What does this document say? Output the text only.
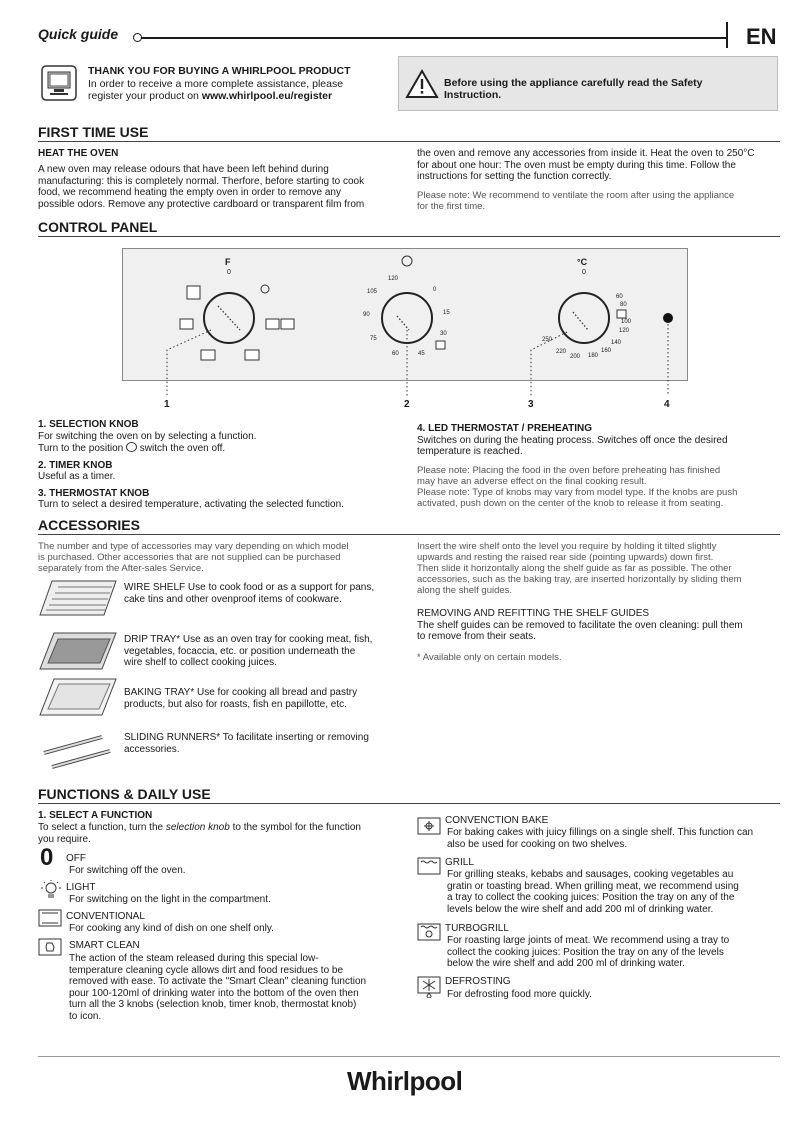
Quick guide	EN
THANK YOU FOR BUYING A WHIRLPOOL PRODUCT
In order to receive a more complete assistance, please
register your product on www.whirlpool.eu/register
Before using the appliance carefully read the Safety
Instruction.
FIRST TIME USE
HEAT THE OVEN
A new oven may release odours that have been left behind during
manufacturing: this is completely normal. Therfore, before starting to cook
food, we recommend heating the empty oven in order to remove any
possible odors. Remove any protective cardboard or transparent film from
the oven and remove any accessories from inside it. Heat the oven to 250°C
for about one hour: The oven must be empty during this time. Follow the
instructions for setting the function correctly.
Please note: We recommend to ventilate the room after using the appliance
for the first time.
CONTROL PANEL
F
0
120
0
105
15
90
30
75
60	45
°C
0
60
80
100
120
140
160
180
200
220
250
1	2	3	4
1. SELECTION KNOB
For switching the oven on by selecting a function.
Turn to the position  switch the oven off.
2. TIMER KNOB
Useful as a timer.
3. THERMOSTAT KNOB
Turn to select a desired temperature, activating the selected function.
4. LED THERMOSTAT / PREHEATING
Switches on during the heating process. Switches off once the desired
temperature is reached.
Please note: Placing the food in the oven before preheating has finished
may have an adverse effect on the final cooking result.
Please note: Type of knobs may vary from model type. If the knobs are push
activated, push down on the center of the knob to release it from seating.
ACCESSORIES
The number and type of accessories may vary depending on which model
is purchased. Other accessories that are not supplied can be purchased
separately from the After-sales Service.
WIRE SHELF Use to cook food or as a support for pans,
cake tins and other ovenproof items of cookware.
DRIP TRAY* Use as an oven tray for cooking meat, fish,
vegetables, focaccia, etc. or position underneath the
wire shelf to collect cooking juices.
BAKING TRAY* Use for cooking all bread and pastry
products, but also for roasts, fish en papillotte, etc.
SLIDING RUNNERS* To facilitate inserting or removing
accessories.
Insert the wire shelf onto the level you require by holding it tilted slightly
upwards and resting the raised rear side (pointing upwards) down first.
Then slide it horizontally along the shelf guide as far as possible. The other
accessories, such as the baking tray, are inserted horizontally by sliding them
along the shelf guides.
REMOVING AND REFITTING THE SHELF GUIDES
The shelf guides can be removed to facilitate the oven cleaning: pull them
to remove from their seats.
* Available only on certain models.
FUNCTIONS & DAILY USE
1. SELECT A FUNCTION
To select a function, turn the selection knob to the symbol for the function
you require.
0 OFF
For switching off the oven.
LIGHT
For switching on the light in the compartment.
CONVENTIONAL
For cooking any kind of dish on one shelf only.
SMART CLEAN
The action of the steam released during this special low-
temperature cleaning cycle allows dirt and food residues to be
removed with ease. To activate the "Smart Clean" cleaning function
pour 100-120ml of drinking water into the bottom of the oven then
turn all the 3 knobs (selection knob, timer knob, thermostat knob)
to icon.
CONVENCTION BAKE
For baking cakes with juicy fillings on a single shelf. This function can
also be used for cooking on two shelves.
GRILL
For grilling steaks, kebabs and sausages, cooking vegetables au
gratin or toasting bread. When grilling meat, we recommend using
a tray to collect the cooking juices: Position the tray on any of the
levels below the wire shelf and add 200 ml of drinking water.
TURBOGRILL
For roasting large joints of meat. We recommend using a tray to
collect the cooking juices: Position the tray on any of the levels
below the wire shelf and add 200 ml of drinking water.
DEFROSTING
For defrosting food more quickly.
Whirlpool
